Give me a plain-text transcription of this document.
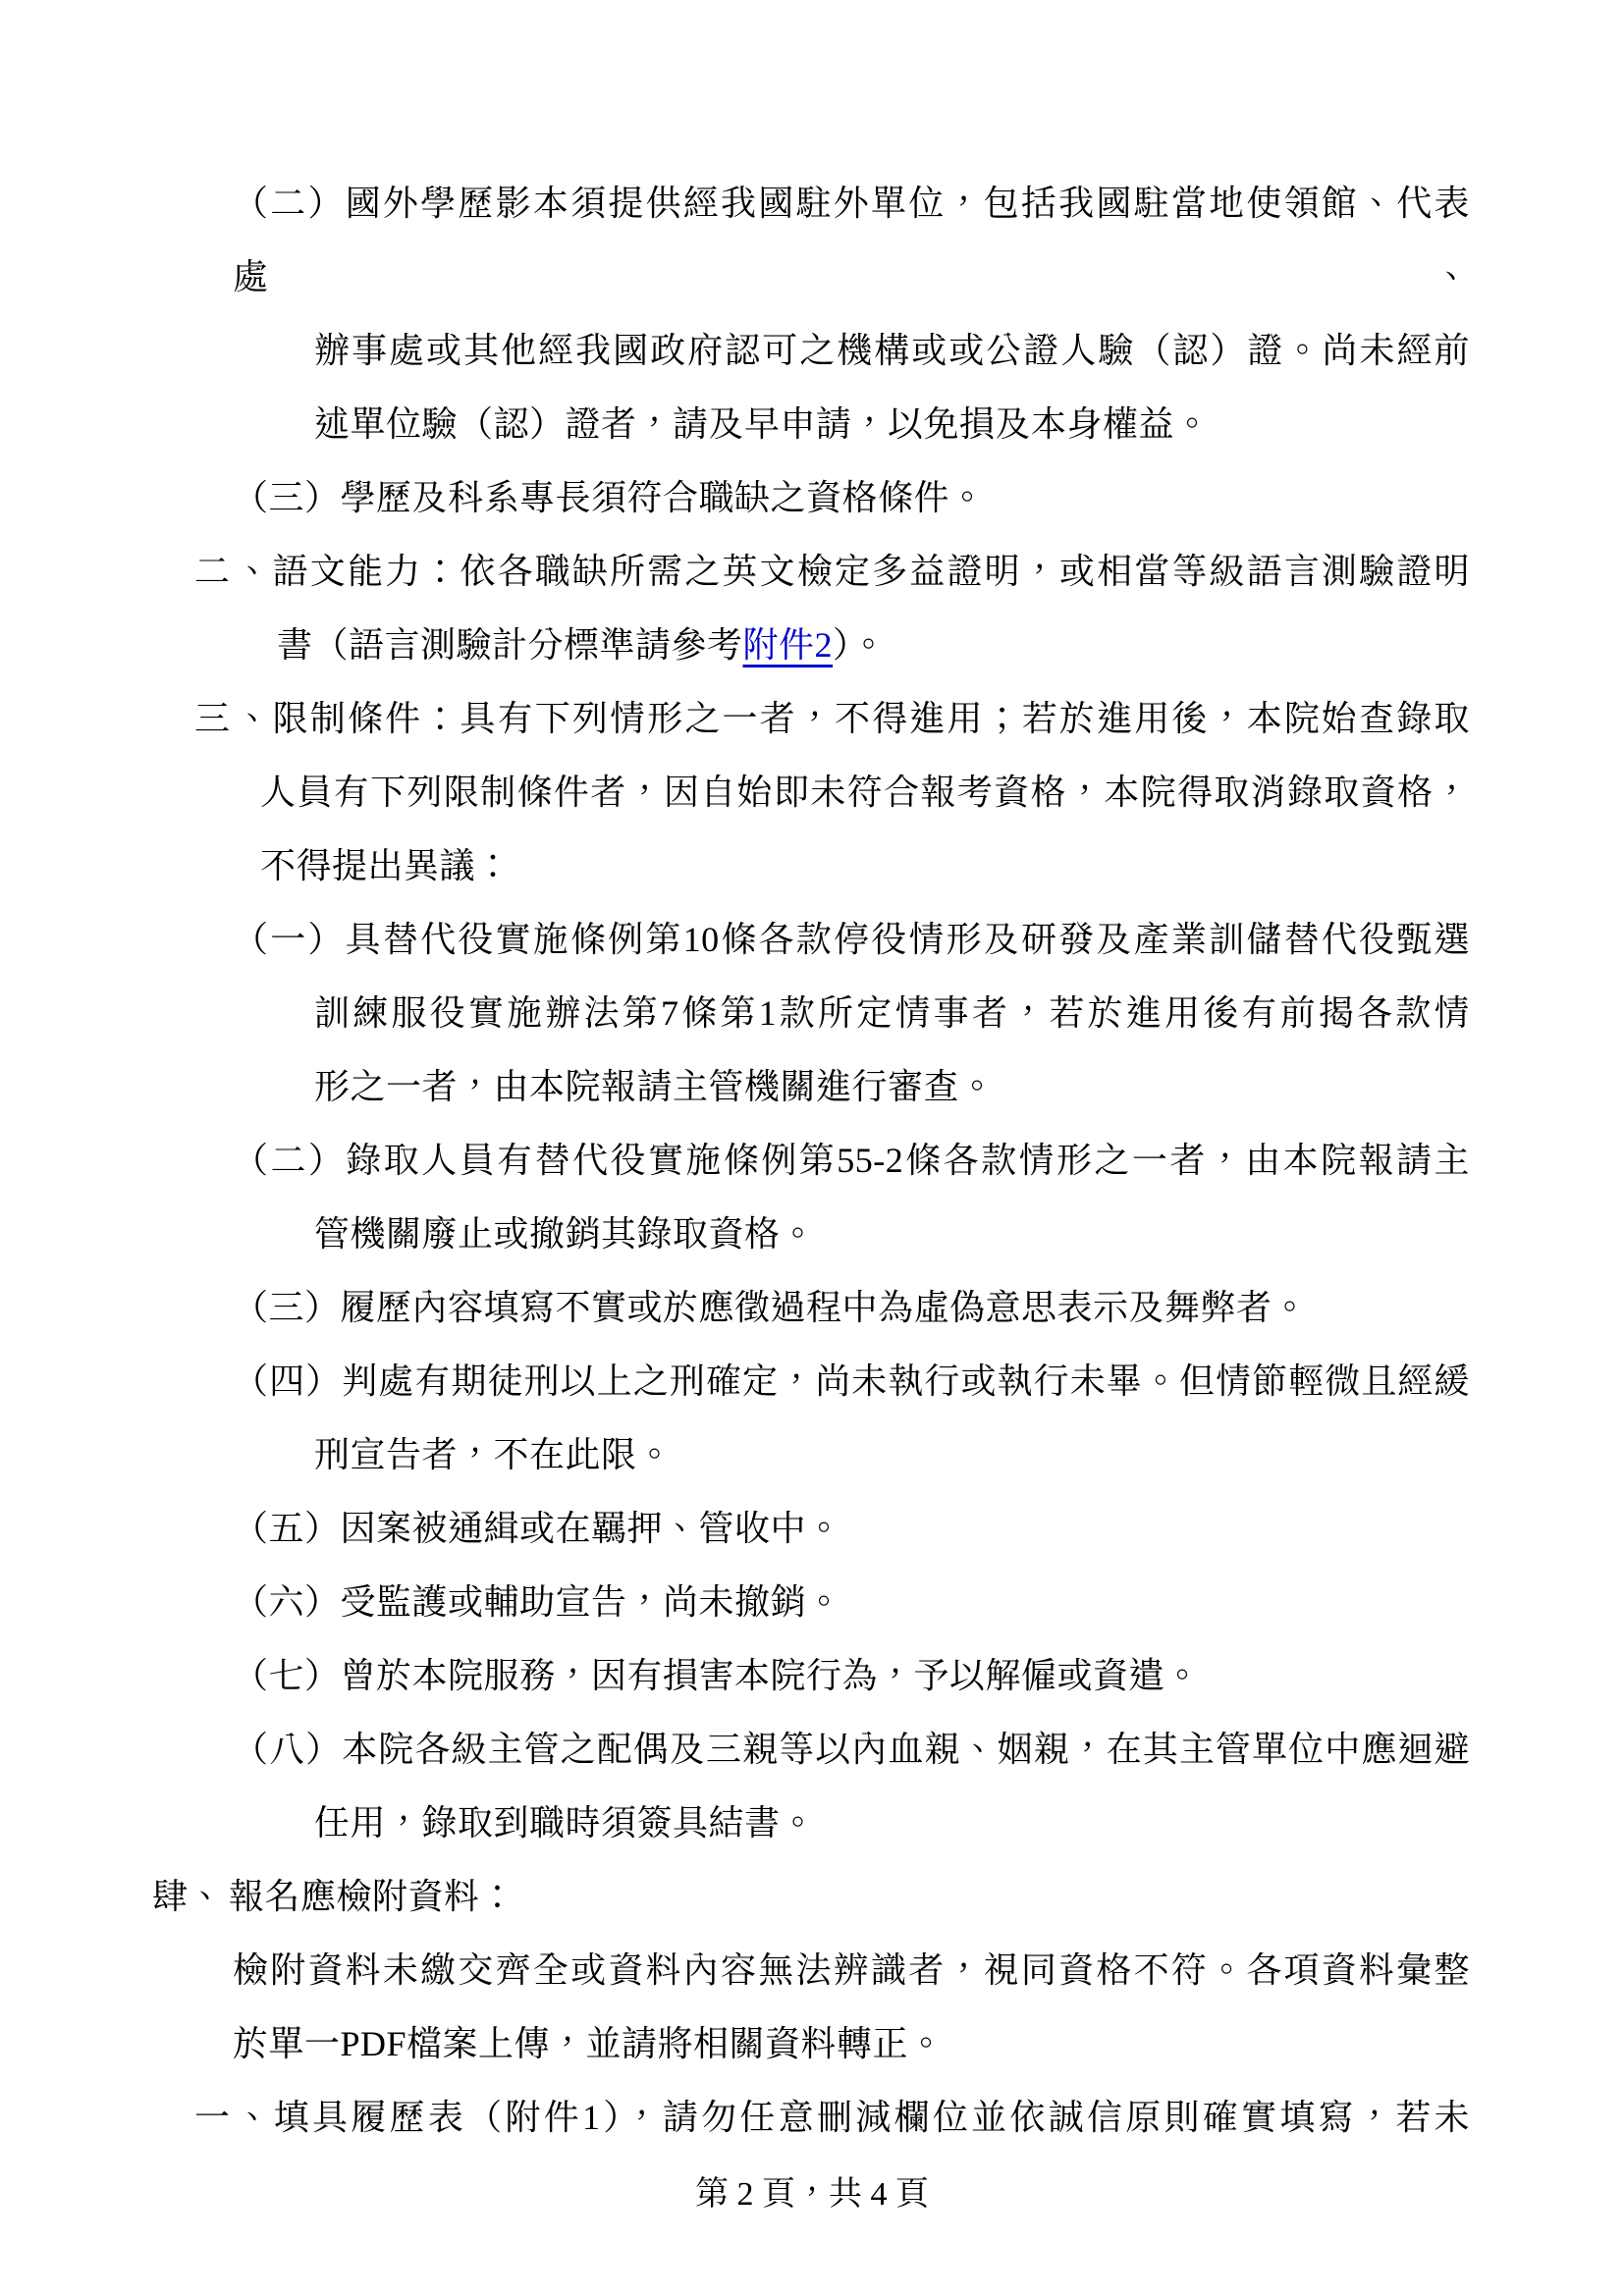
（二）國外學歷影本須提供經我國駐外單位，包括我國駐當地使領館、代表處、
辦事處或其他經我國政府認可之機構或或公證人驗（認）證。尚未經前
述單位驗（認）證者，請及早申請，以免損及本身權益。
（三）學歷及科系專長須符合職缺之資格條件。
二、語文能力：依各職缺所需之英文檢定多益證明，或相當等級語言測驗證明
書（語言測驗計分標準請參考附件2）。
三、限制條件：具有下列情形之一者，不得進用；若於進用後，本院始查錄取
人員有下列限制條件者，因自始即未符合報考資格，本院得取消錄取資格，
不得提出異議：
（一）具替代役實施條例第10條各款停役情形及研發及產業訓儲替代役甄選
訓練服役實施辦法第7條第1款所定情事者，若於進用後有前揭各款情
形之一者，由本院報請主管機關進行審查。
（二）錄取人員有替代役實施條例第55-2條各款情形之一者，由本院報請主
管機關廢止或撤銷其錄取資格。
（三）履歷內容填寫不實或於應徵過程中為虛偽意思表示及舞弊者。
（四）判處有期徒刑以上之刑確定，尚未執行或執行未畢。但情節輕微且經緩
刑宣告者，不在此限。
（五）因案被通緝或在羈押、管收中。
（六）受監護或輔助宣告，尚未撤銷。
（七）曾於本院服務，因有損害本院行為，予以解僱或資遣。
（八）本院各級主管之配偶及三親等以內血親、姻親，在其主管單位中應迴避
任用，錄取到職時須簽具結書。
肆、 報名應檢附資料：
檢附資料未繳交齊全或資料內容無法辨識者，視同資格不符。各項資料彙整
於單一PDF檔案上傳，並請將相關資料轉正。
一、填具履歷表（附件1），請勿任意刪減欄位並依誠信原則確實填寫，若未
第 2 頁，共 4 頁
